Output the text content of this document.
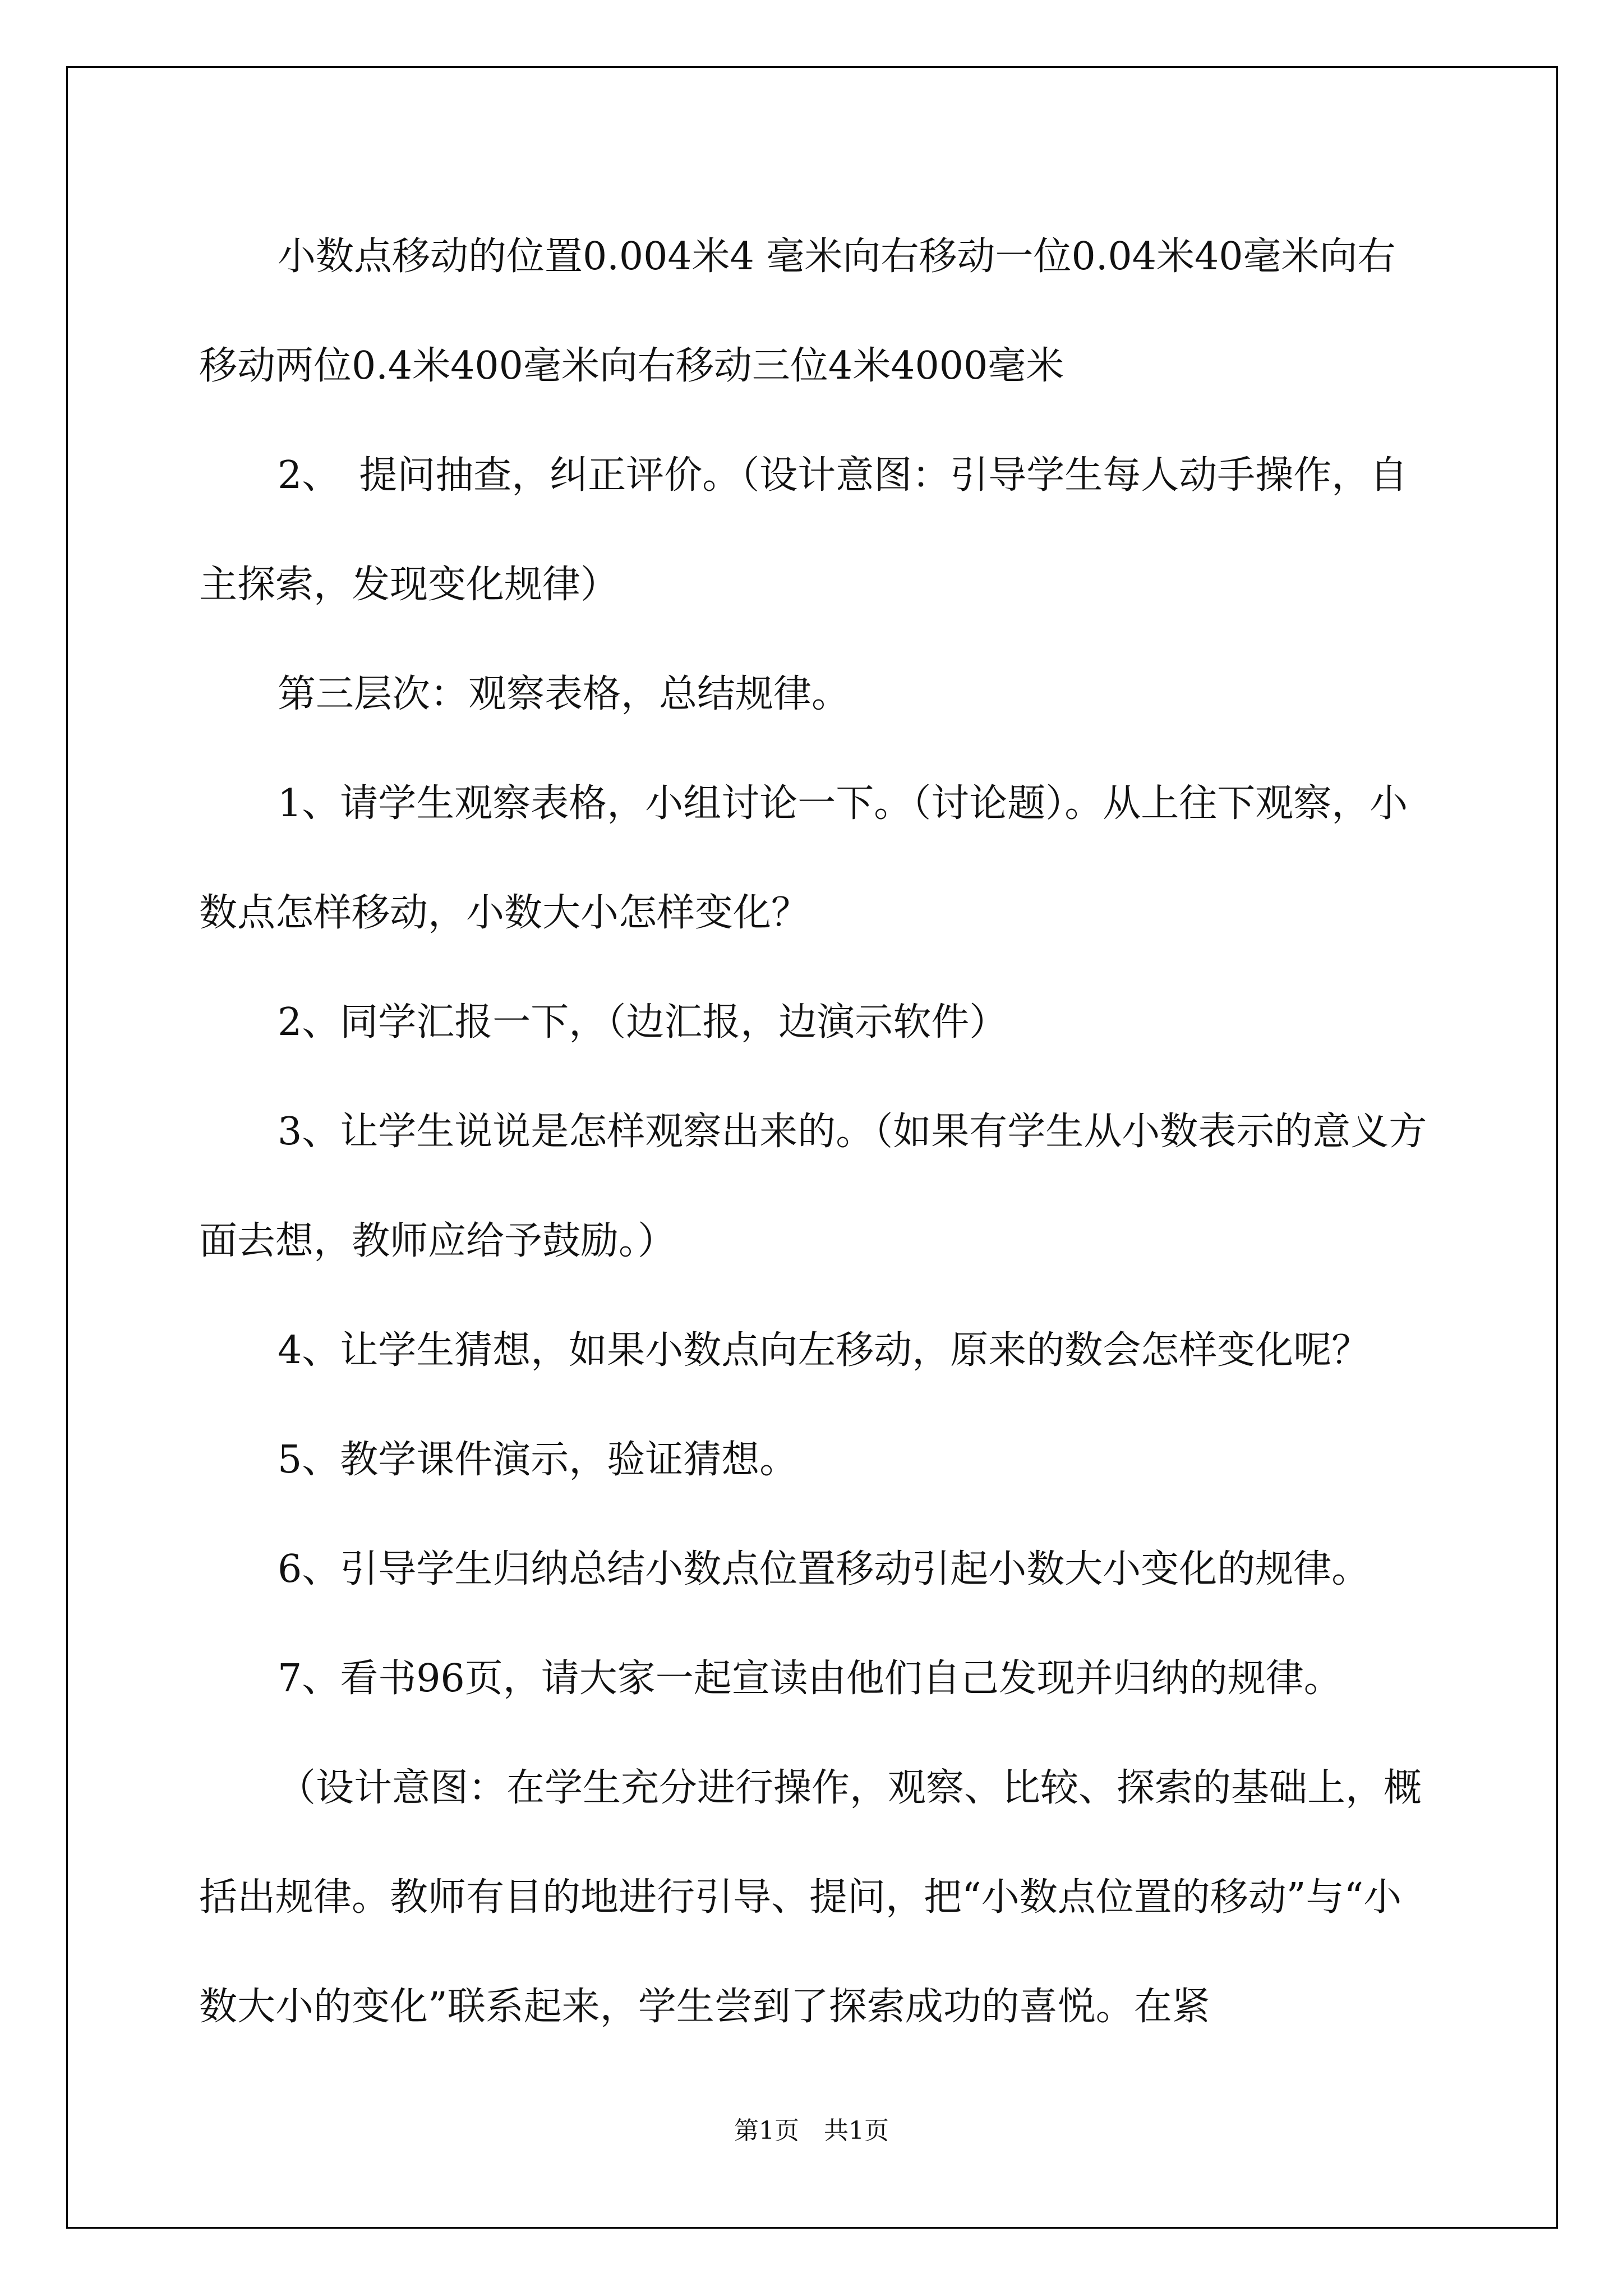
小数点移动的位置0.004米4 毫米向右移动一位0.04米40毫米向右移动两位0.4米400毫米向右移动三位4米4000毫米

2、　提问抽查，纠正评价。（设计意图：引导学生每人动手操作，自主探索，发现变化规律）

第三层次：观察表格，总结规律。

1、请学生观察表格，小组讨论一下。（讨论题）。从上往下观察，小数点怎样移动，小数大小怎样变化？

2、同学汇报一下，（边汇报，边演示软件）

3、让学生说说是怎样观察出来的。（如果有学生从小数表示的意义方面去想，教师应给予鼓励。）

4、让学生猜想，如果小数点向左移动，原来的数会怎样变化呢？

5、教学课件演示，验证猜想。

6、引导学生归纳总结小数点位置移动引起小数大小变化的规律。

7、看书96页，请大家一起宣读由他们自己发现并归纳的规律。

（设计意图：在学生充分进行操作，观察、比较、探索的基础上，概括出规律。教师有目的地进行引导、提问，把“小数点位置的移动”与“小数大小的变化”联系起来，学生尝到了探索成功的喜悦。在紧

第1页　共1页
